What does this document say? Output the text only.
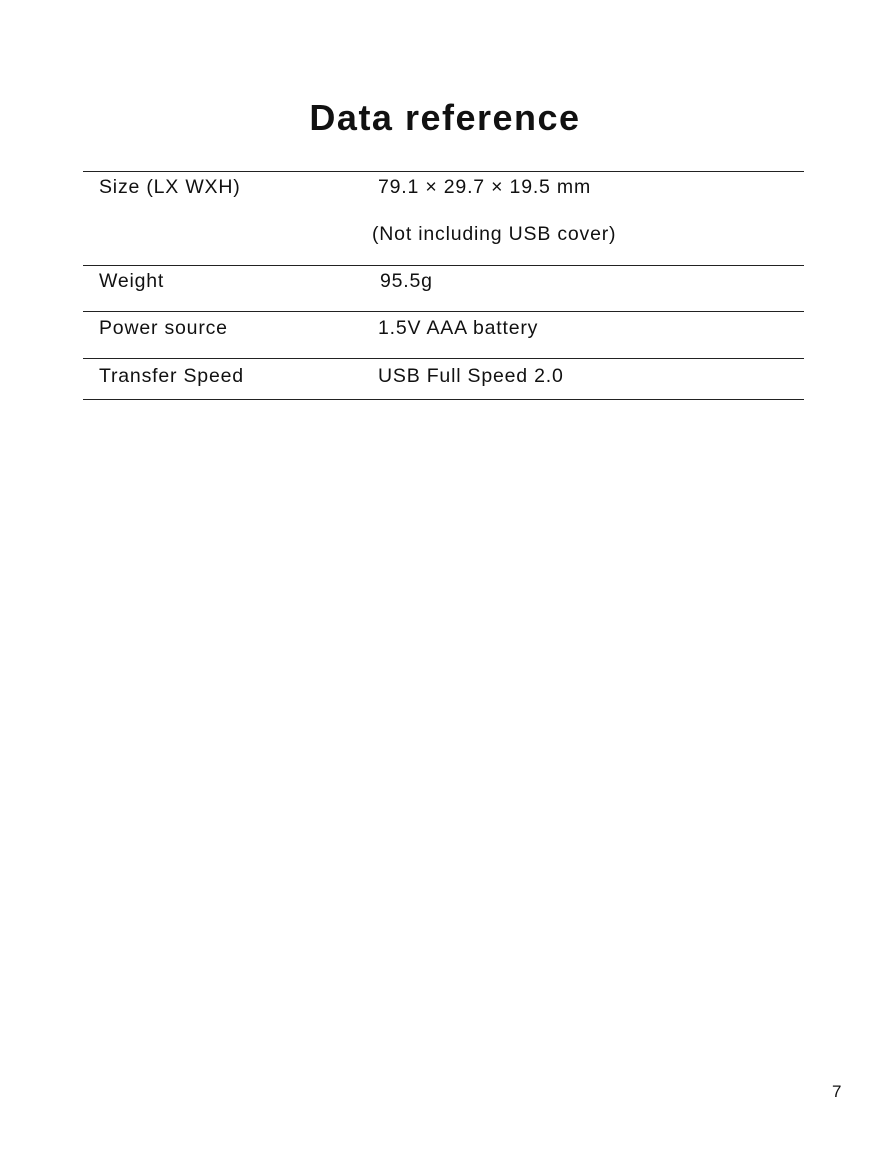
Data reference
Size (LX WXH)	79.1 × 29.7 × 19.5 mm
(Not including USB cover)
Weight	95.5g
Power source	1.5V AAA battery
Transfer Speed	USB Full Speed 2.0
7
